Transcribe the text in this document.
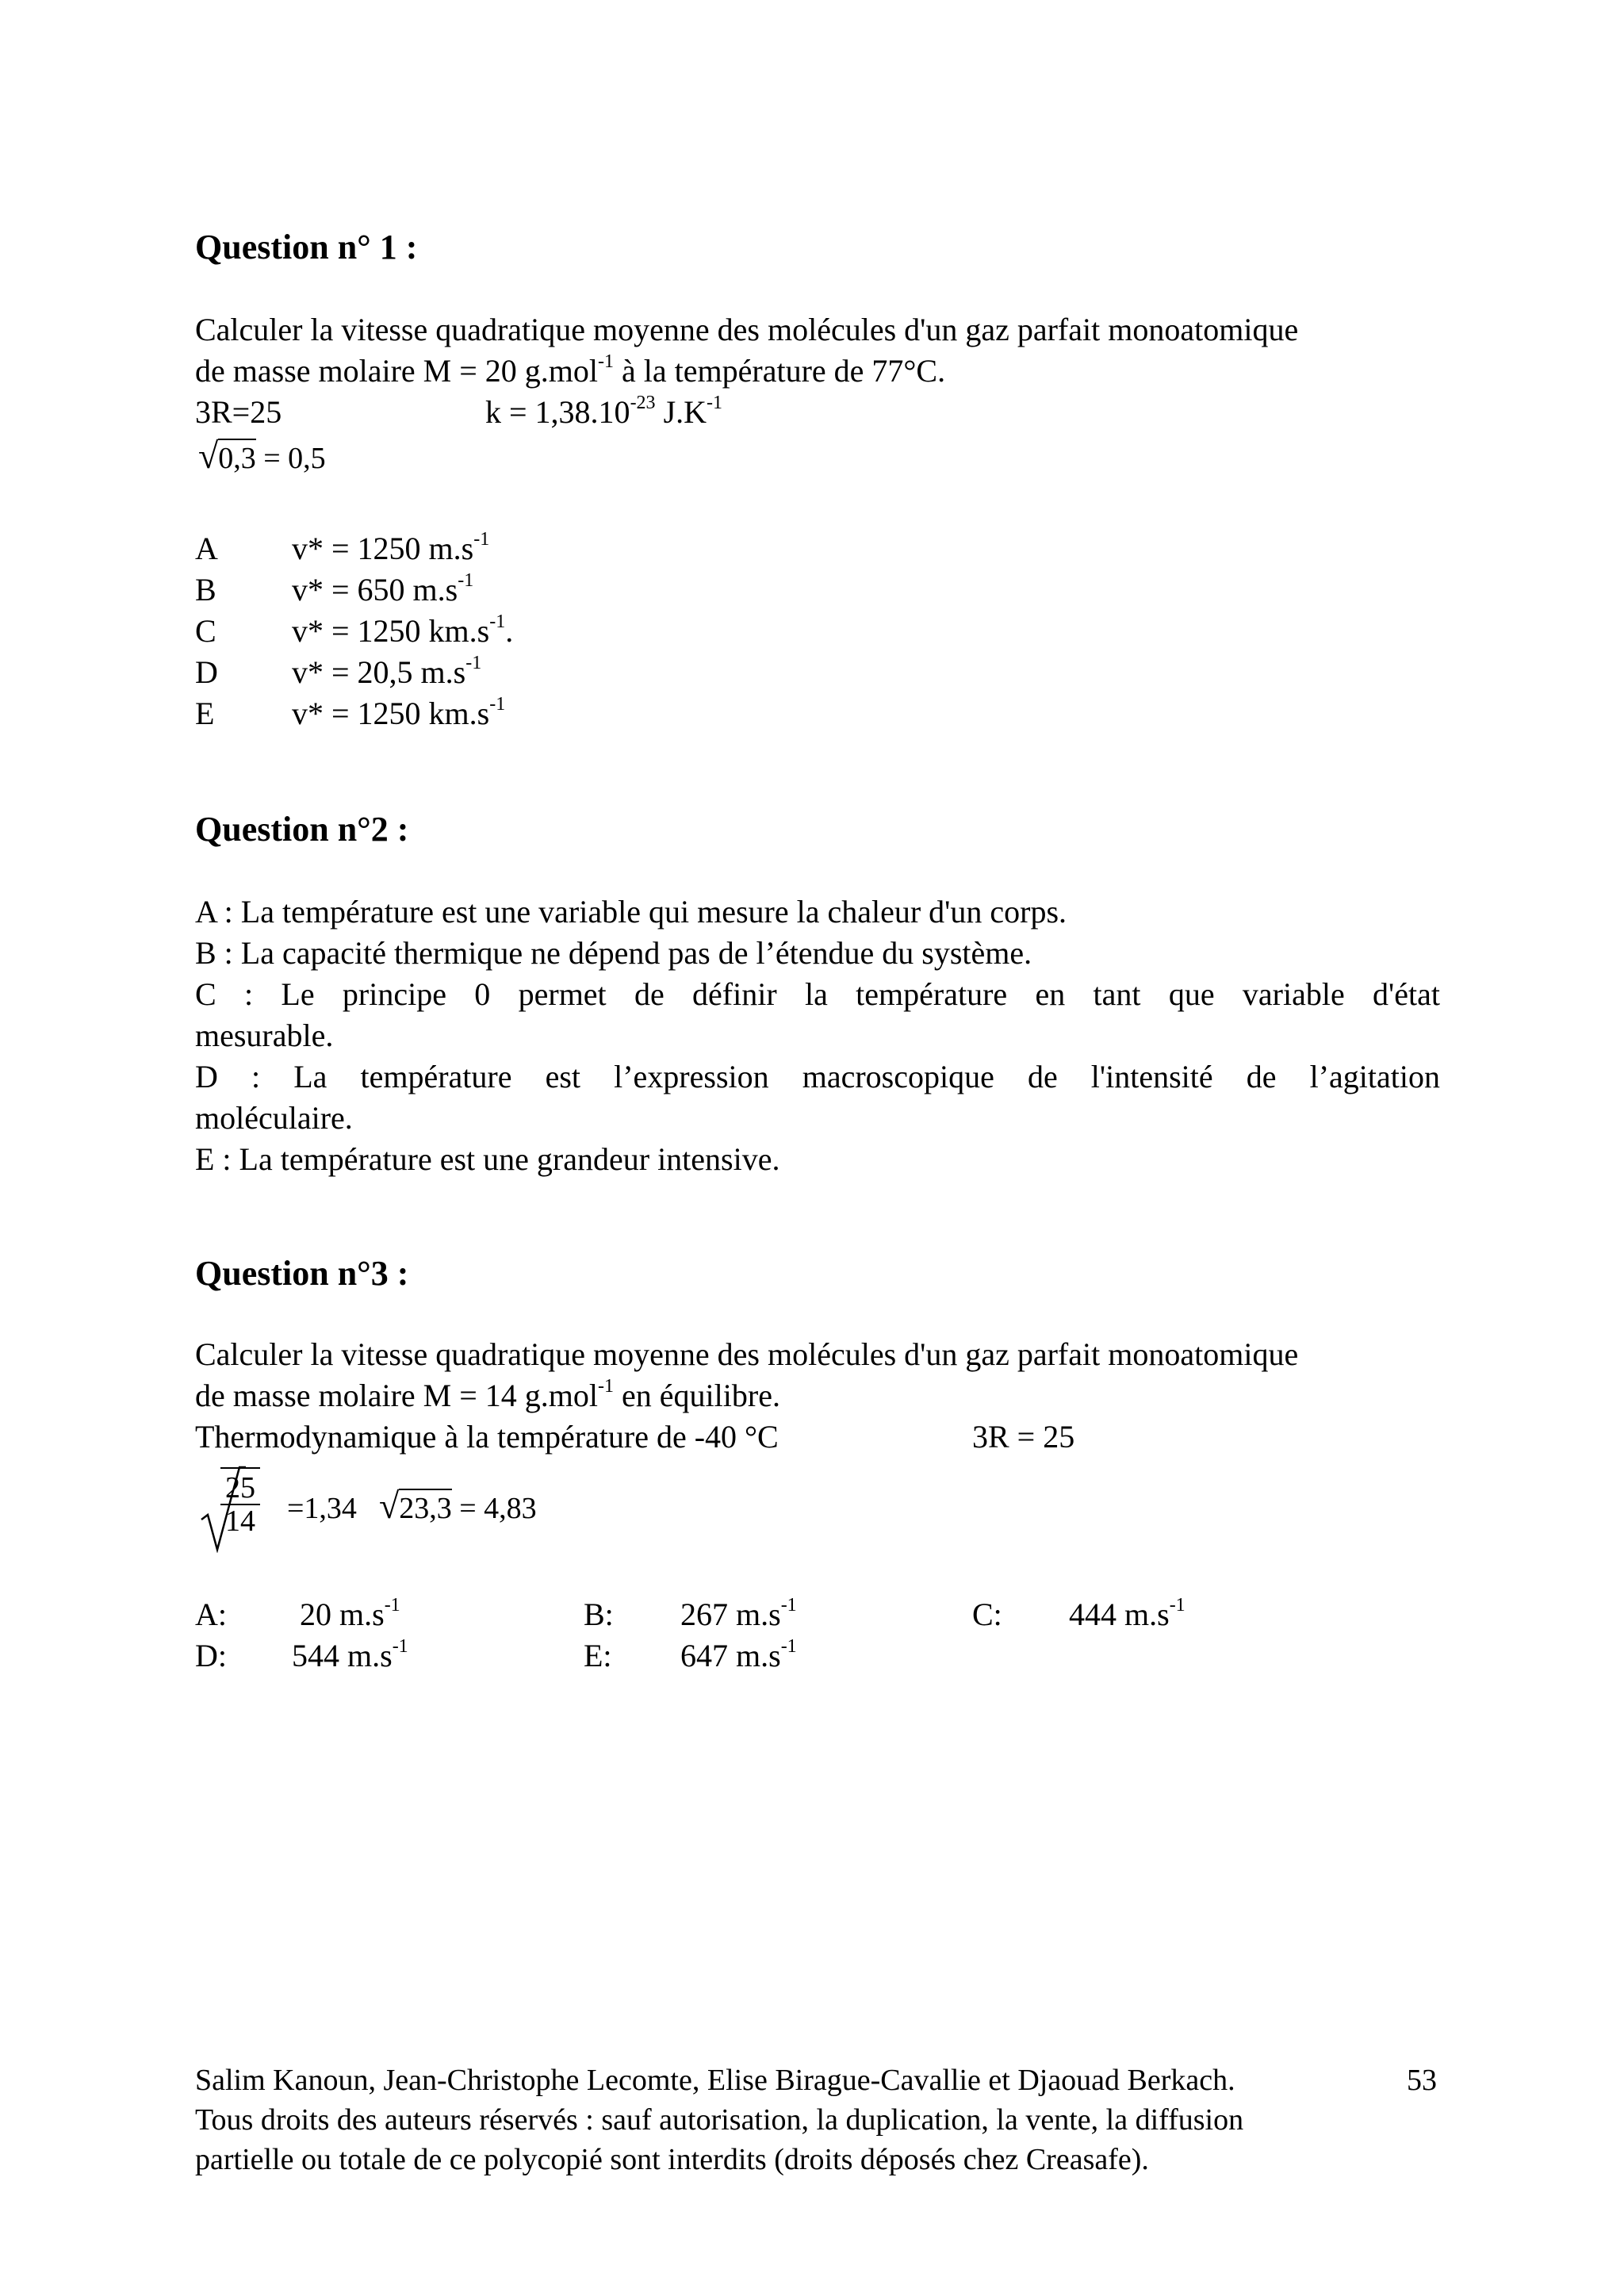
Question n° 1 :
Calculer la vitesse quadratique moyenne des molécules d'un gaz parfait monoatomique
de masse molaire M = 20 g.mol$^{-1}$ à la température de 77°C.
3R=25	$k = 1,38.10^{-23}$ $J.K^{-1}$
√0,3 = 0,5
A v* = 1250 $m.s^{-1}$
B v* = 650 $m.s^{-1}$
C v* = 1250 $km.s^{-1}$.
D v* = 20,5 $m.s^{-1}$
E v* = 1250 $km.s^{-1}$
Question n°2 :
A : La température est une variable qui mesure la chaleur d'un corps.
B : La capacité thermique ne dépend pas de l’étendue du système.
C : Le principe 0 permet de définir la température en tant que variable d'état
mesurable.
D : La température est l’expression macroscopique de l'intensité de l’agitation
moléculaire.
E : La température est une grandeur intensive.
Question n°3 :
Calculer la vitesse quadratique moyenne des molécules d'un gaz parfait monoatomique
de masse molaire M = 14 g.mol$^{-1}$ en équilibre.
Thermodynamique à la température de -40 °C	3R = 25
$\frac{25}{14} =1,34$ √23,3 = 4,83
A: 20 $m.s^{-1}$	B: 267 $m.s^{-1}$	C: 444 $m.s^{-1}$
D: 544 $m.s^{-1}$	E: 647 $m.s^{-1}$
Salim Kanoun, Jean-Christophe Lecomte, Elise Birague-Cavallie et Djaouad Berkach.	53
Tous droits des auteurs réservés : sauf autorisation, la duplication, la vente, la diffusion
partielle ou totale de ce polycopié sont interdits (droits déposés chez Creasafe).
